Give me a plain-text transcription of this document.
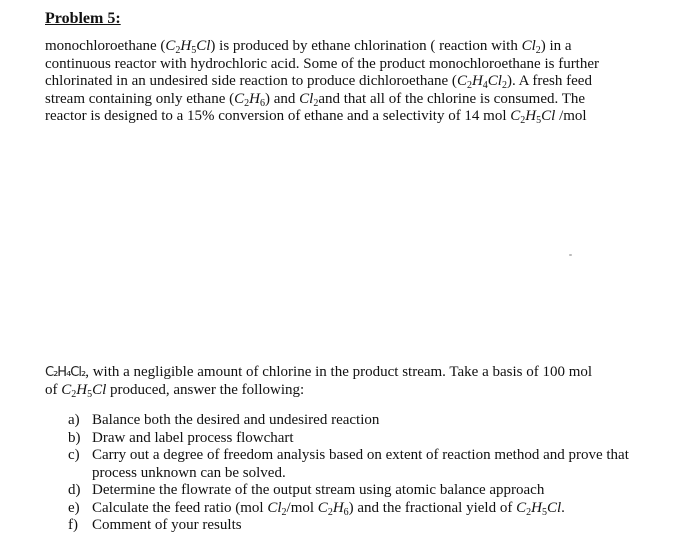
Problem 5:
monochloroethane $(C_2H_5Cl)$ is produced by ethane chlorination ( reaction with $Cl_2$) in a
continuous reactor with hydrochloric acid. Some of the product monochloroethane is further
chlorinated in an undesired side reaction to produce dichloroethane $(C_2H_4Cl_2)$. A fresh feed
stream containing only ethane $(C_2H_6)$ and $Cl_2and$ that all of the chlorine is consumed. The
reactor is designed to a 15% conversion of ethane and a selectivity of 14 mol $C_2H_5Cl$ /mol
C₂H₄Cl₂, with a negligible amount of chlorine in the product stream. Take a basis of 100 mol
of $C_2H_5Cl$ produced, answer the following:
a) Balance both the desired and undesired reaction
b) Draw and label process flowchart
c) Carry out a degree of freedom analysis based on extent of reaction method and prove that process unknown can be solved.
d) Determine the flowrate of the output stream using atomic balance approach
e) Calculate the feed ratio (mol $Cl_2$/mol $C_2H_6$) and the fractional yield of $C_2H_5Cl$.
f) Comment of your results
